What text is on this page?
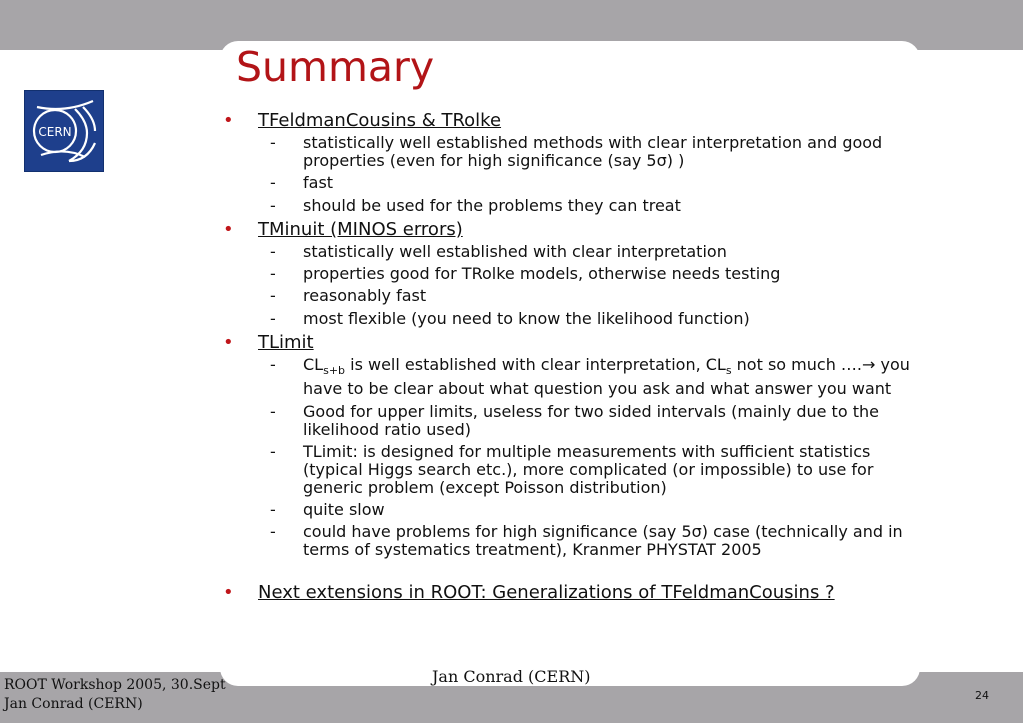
CERN
Summary
• TFeldmanCousins & TRolke
- statistically well established methods with clear interpretation and good properties (even for high significance (say 5σ) )
- fast
- should be used for the problems they can treat
• TMinuit (MINOS errors)
- statistically well established with clear interpretation
- properties good for TRolke models, otherwise needs testing
- reasonably fast
- most flexible (you need to know the likelihood function)
• TLimit
- $CL_{s+b}$ is well established with clear interpretation, $CL_s$ not so much ….→ you have to be clear about what question you ask and what answer you want
- Good for upper limits, useless for two sided intervals (mainly due to the likelihood ratio used)
- TLimit: is designed for multiple measurements with sufficient statistics (typical Higgs search etc.), more complicated (or impossible) to use for generic problem (except Poisson distribution)
- quite slow
- could have problems for high significance (say 5σ) case (technically and in terms of systematics treatment), Kranmer PHYSTAT 2005
• Next extensions in ROOT: Generalizations of TFeldmanCousins ?
Jan Conrad (CERN)
ROOT Workshop 2005, 30.Sept
Jan Conrad (CERN)
24
